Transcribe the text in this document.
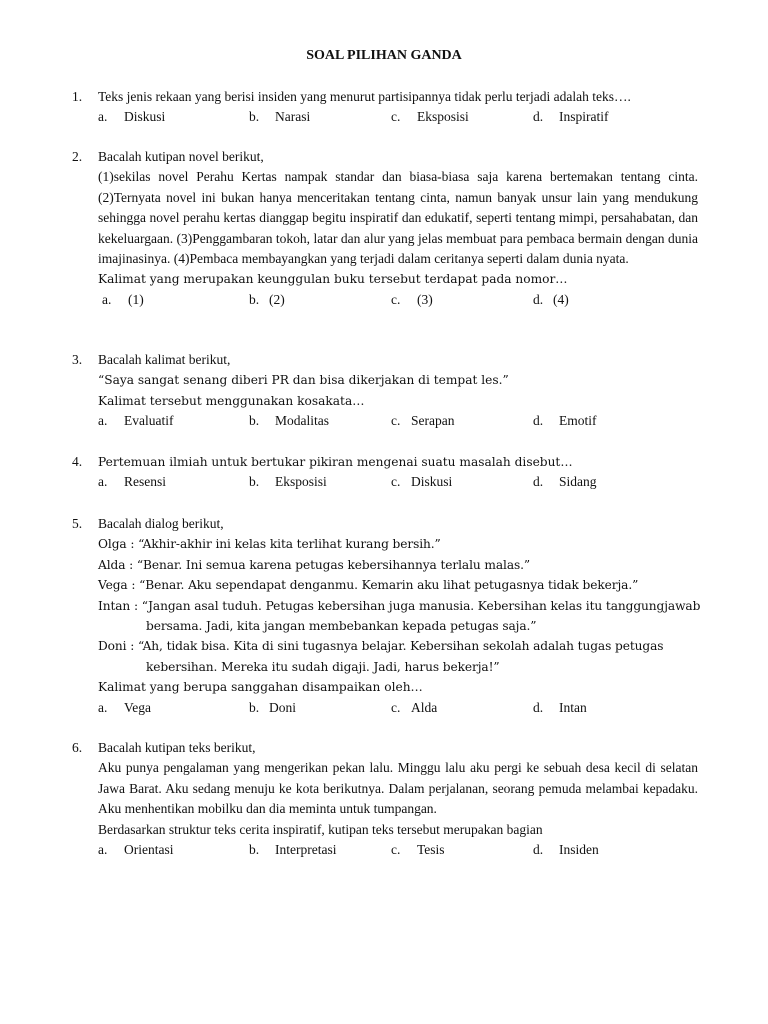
SOAL PILIHAN GANDA
1. Teks jenis rekaan yang berisi insiden yang menurut partisipannya tidak perlu terjadi adalah teks….
a. Diskusi	b. Narasi	c. Eksposisi	d. Inspiratif
2. Bacalah kutipan novel berikut,
(1)sekilas novel Perahu Kertas nampak standar dan biasa-biasa saja karena bertemakan tentang cinta. (2)Ternyata novel ini bukan hanya menceritakan tentang cinta, namun banyak unsur lain yang mendukung sehingga novel perahu kertas dianggap begitu inspiratif dan edukatif, seperti tentang mimpi, persahabatan, dan kekeluargaan. (3)Penggambaran tokoh, latar dan alur yang jelas membuat para pembaca bermain dengan dunia imajinasinya. (4)Pembaca membayangkan yang terjadi dalam ceritanya seperti dalam dunia nyata.
Kalimat yang merupakan keunggulan buku tersebut terdapat pada nomor…
a. (1)	b. (2)	c. (3)	d. (4)
3. Bacalah kalimat berikut,
“Saya sangat senang diberi PR dan bisa dikerjakan di tempat les.”
Kalimat tersebut menggunakan kosakata…
a. Evaluatif	b. Modalitas	c. Serapan	d. Emotif
4. Pertemuan ilmiah untuk bertukar pikiran mengenai suatu masalah disebut…
a. Resensi	b. Eksposisi	c. Diskusi	d. Sidang
5. Bacalah dialog berikut,
Olga : “Akhir-akhir ini kelas kita terlihat kurang bersih.”
Alda : “Benar. Ini semua karena petugas kebersihannya terlalu malas.”
Vega : “Benar. Aku sependapat denganmu. Kemarin aku lihat petugasnya tidak bekerja.”
Intan : “Jangan asal tuduh. Petugas kebersihan juga manusia. Kebersihan kelas itu tanggungjawab
bersama. Jadi, kita jangan membebankan kepada petugas saja.”
Doni : “Ah, tidak bisa. Kita di sini tugasnya belajar. Kebersihan sekolah adalah tugas petugas
kebersihan. Mereka itu sudah digaji. Jadi, harus bekerja!”
Kalimat yang berupa sanggahan disampaikan oleh…
a. Vega	b. Doni	c. Alda	d. Intan
6. Bacalah kutipan teks berikut,
Aku punya pengalaman yang mengerikan pekan lalu. Minggu lalu aku pergi ke sebuah desa kecil di selatan Jawa Barat. Aku sedang menuju ke kota berikutnya. Dalam perjalanan, seorang pemuda melambai kepadaku. Aku menhentikan mobilku dan dia meminta untuk tumpangan.
Berdasarkan struktur teks cerita inspiratif, kutipan teks tersebut merupakan bagian
a. Orientasi	b. Interpretasi	c. Tesis	d. Insiden
